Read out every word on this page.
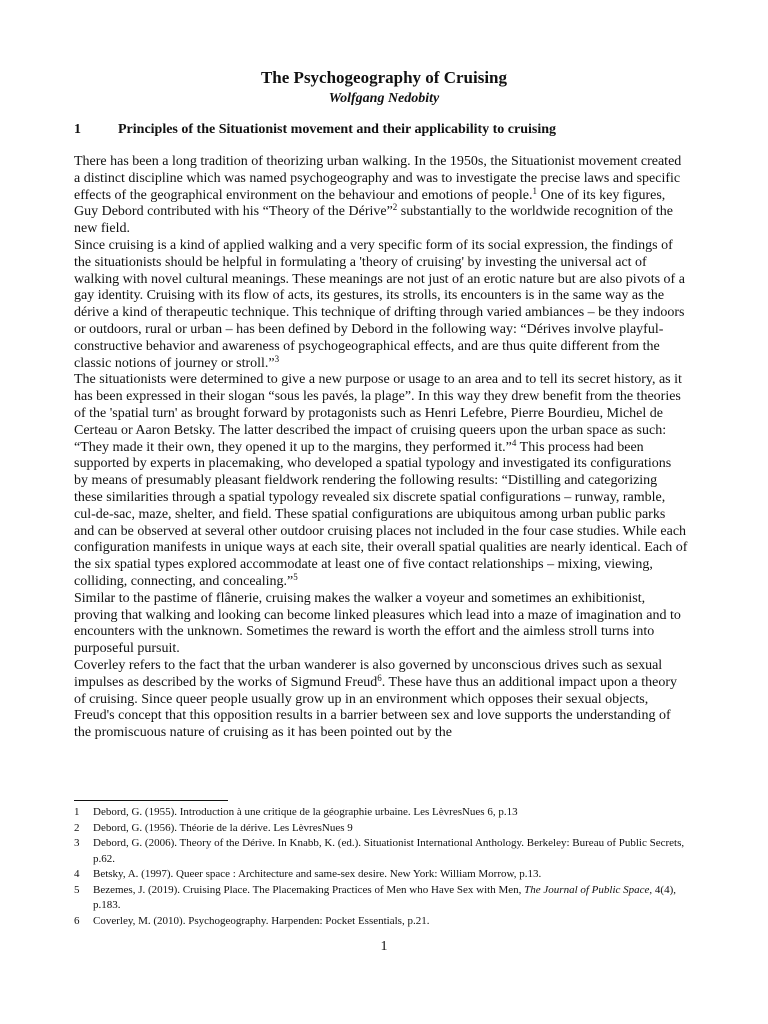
The Psychogeography of Cruising
Wolfgang Nedobity
1	Principles of the Situationist movement and their applicability to cruising

There has been a long tradition of theorizing urban walking. In the 1950s, the Situationist movement created a distinct discipline which was named psychogeography and was to investigate the precise laws and specific effects of the geographical environment on the behaviour and emotions of people.$^1$ One of its key figures, Guy Debord contributed with his “Theory of the Dérive”$^2$ substantially to the worldwide recognition of the new field.

Since cruising is a kind of applied walking and a very specific form of its social expression, the findings of the situationists should be helpful in formulating a 'theory of cruising' by investing the universal act of walking with novel cultural meanings. These meanings are not just of an erotic nature but are also pivots of a gay identity. Cruising with its flow of acts, its gestures, its strolls, its encounters is in the same way as the dérive a kind of therapeutic technique. This technique of drifting through varied ambiances – be they indoors or outdoors, rural or urban – has been defined by Debord in the following way: “Dérives involve playful-constructive behavior and awareness of psychogeographical effects, and are thus quite different from the classic notions of journey or stroll.”$^3$

The situationists were determined to give a new purpose or usage to an area and to tell its secret history, as it has been expressed in their slogan “sous les pavés, la plage”. In this way they drew benefit from the theories of the 'spatial turn' as brought forward by protagonists such as Henri Lefebre, Pierre Bourdieu, Michel de Certeau or Aaron Betsky. The latter described the impact of cruising queers upon the urban space as such: “They made it their own, they opened it up to the margins, they performed it.”$^4$ This process had been supported by experts in placemaking, who developed a spatial typology and investigated its configurations by means of presumably pleasant fieldwork rendering the following results: “Distilling and categorizing these similarities through a spatial typology revealed six discrete spatial configurations – runway, ramble, cul-de-sac, maze, shelter, and field. These spatial configurations are ubiquitous among urban public parks and can be observed at several other outdoor cruising places not included in the four case studies. While each configuration manifests in unique ways at each site, their overall spatial qualities are nearly identical. Each of the six spatial types explored accommodate at least one of five contact relationships – mixing, viewing, colliding, connecting, and concealing.”$^5$

Similar to the pastime of flânerie, cruising makes the walker a voyeur and sometimes an exhibitionist, proving that walking and looking can become linked pleasures which lead into a maze of imagination and to encounters with the unknown. Sometimes the reward is worth the effort and the aimless stroll turns into purposeful pursuit.

Coverley refers to the fact that the urban wanderer is also governed by unconscious drives such as sexual impulses as described by the works of Sigmund Freud$^6$. These have thus an additional impact upon a theory of cruising. Since queer people usually grow up in an environment which opposes their sexual objects, Freud's concept that this opposition results in a barrier between sex and love supports the understanding of the promiscuous nature of cruising as it has been pointed out by the

1 Debord, G. (1955). Introduction à une critique de la géographie urbaine. Les LèvresNues 6, p.13
2 Debord, G. (1956). Théorie de la dérive. Les LèvresNues 9
3 Debord, G. (2006). Theory of the Dérive. In Knabb, K. (ed.). Situationist International Anthology. Berkeley: Bureau of Public Secrets, p.62.
4 Betsky, A. (1997). Queer space : Architecture and same-sex desire. New York: William Morrow, p.13.
5 Bezemes, J. (2019). Cruising Place. The Placemaking Practices of Men who Have Sex with Men, The Journal of Public Space, 4(4), p.183.
6 Coverley, M. (2010). Psychogeography. Harpenden: Pocket Essentials, p.21.
1
